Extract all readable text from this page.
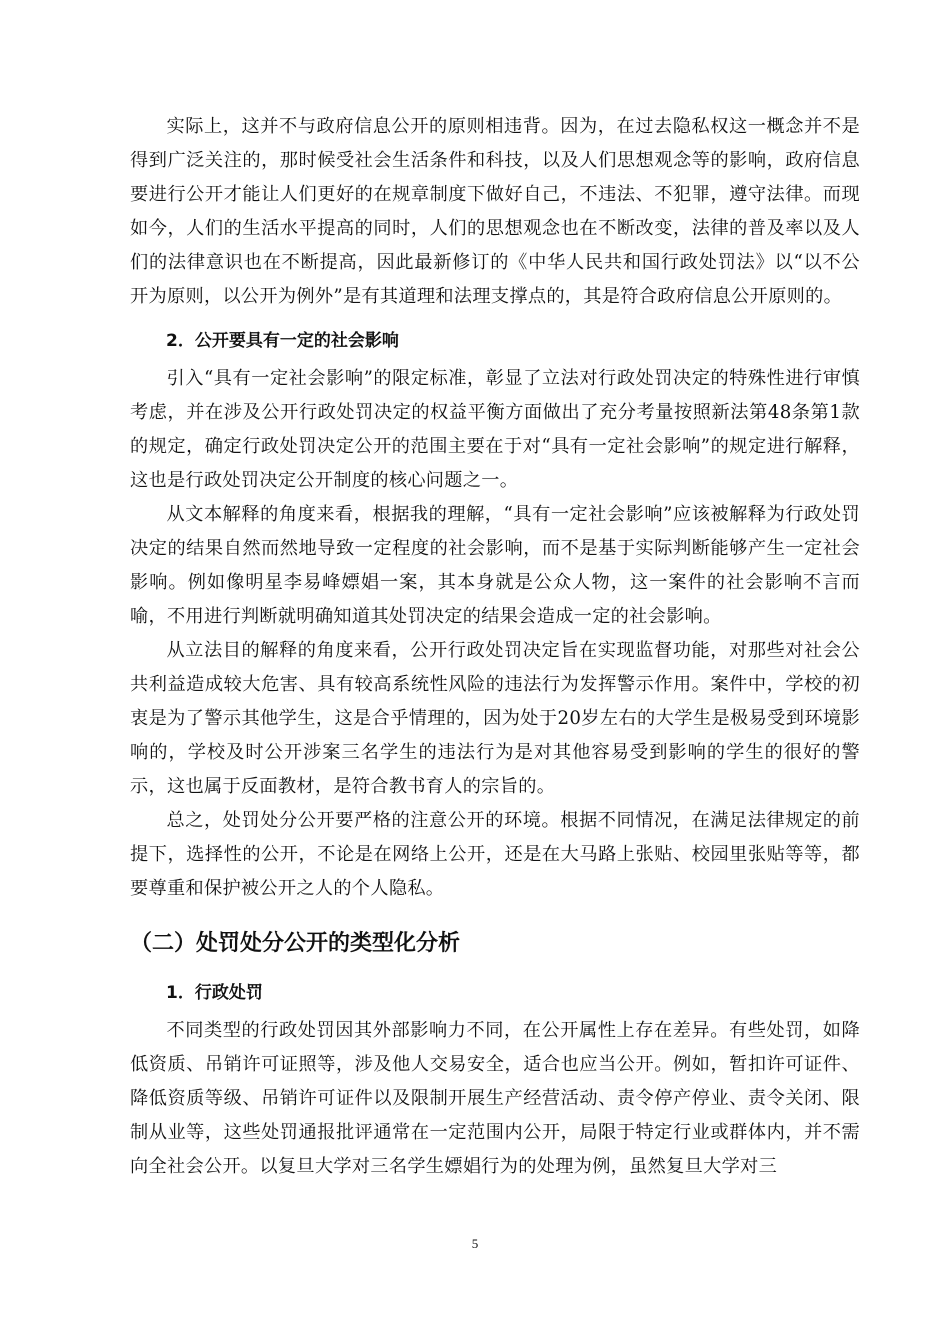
实际上，这并不与政府信息公开的原则相违背。因为，在过去隐私权这一概念并不是得到广泛关注的，那时候受社会生活条件和科技，以及人们思想观念等的影响，政府信息要进行公开才能让人们更好的在规章制度下做好自己，不违法、不犯罪，遵守法律。而现如今，人们的生活水平提高的同时，人们的思想观念也在不断改变，法律的普及率以及人们的法律意识也在不断提高，因此最新修订的《中华人民共和国行政处罚法》以“以不公开为原则，以公开为例外”是有其道理和法理支撑点的，其是符合政府信息公开原则的。

2．公开要具有一定的社会影响

引入“具有一定社会影响”的限定标准，彰显了立法对行政处罚决定的特殊性进行审慎考虑，并在涉及公开行政处罚决定的权益平衡方面做出了充分考量按照新法第48条第1款的规定，确定行政处罚决定公开的范围主要在于对“具有一定社会影响”的规定进行解释，这也是行政处罚决定公开制度的核心问题之一。

从文本解释的角度来看，根据我的理解，“具有一定社会影响”应该被解释为行政处罚决定的结果自然而然地导致一定程度的社会影响，而不是基于实际判断能够产生一定社会影响。例如像明星李易峰嫖娼一案，其本身就是公众人物，这一案件的社会影响不言而喻，不用进行判断就明确知道其处罚决定的结果会造成一定的社会影响。

从立法目的解释的角度来看，公开行政处罚决定旨在实现监督功能，对那些对社会公共利益造成较大危害、具有较高系统性风险的违法行为发挥警示作用。案件中，学校的初衷是为了警示其他学生，这是合乎情理的，因为处于20岁左右的大学生是极易受到环境影响的，学校及时公开涉案三名学生的违法行为是对其他容易受到影响的学生的很好的警示，这也属于反面教材，是符合教书育人的宗旨的。

总之，处罚处分公开要严格的注意公开的环境。根据不同情况，在满足法律规定的前提下，选择性的公开，不论是在网络上公开，还是在大马路上张贴、校园里张贴等等，都要尊重和保护被公开之人的个人隐私。

（二）处罚处分公开的类型化分析
1．行政处罚

不同类型的行政处罚因其外部影响力不同，在公开属性上存在差异。有些处罚，如降低资质、吊销许可证照等，涉及他人交易安全，适合也应当公开。例如，暂扣许可证件、降低资质等级、吊销许可证件以及限制开展生产经营活动、责令停产停业、责令关闭、限制从业等，这些处罚通报批评通常在一定范围内公开，局限于特定行业或群体内，并不需向全社会公开。以复旦大学对三名学生嫖娼行为的处理为例，虽然复旦大学对三

5
